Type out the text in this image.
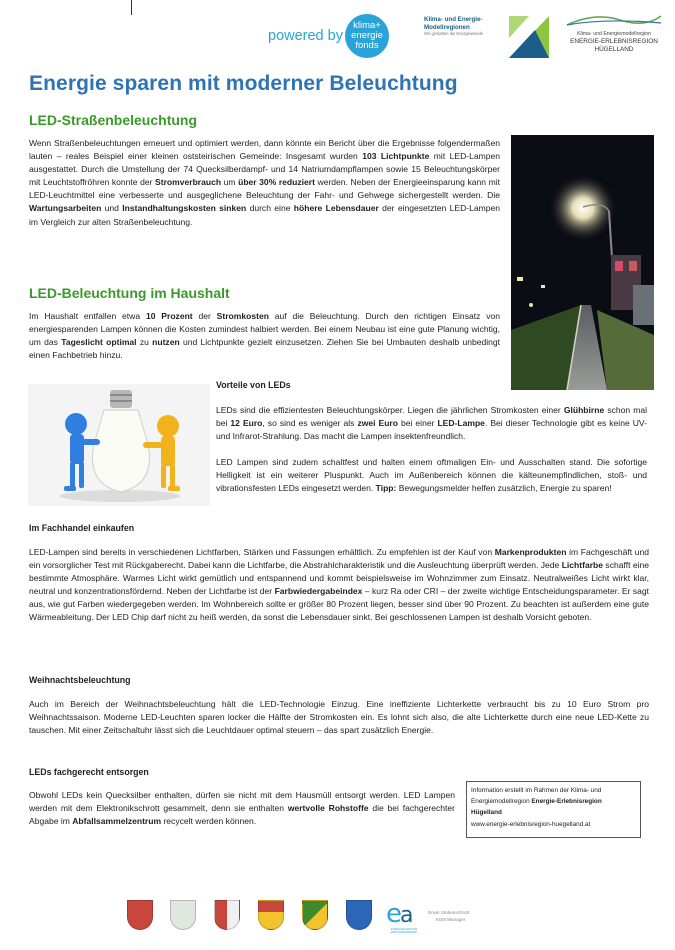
powered by
klima+
energie
fonds
Klima- und Energie-Modellregionen
Wir gestalten die Energiewende	Klima- und Energiemodellregion
ENERGIE-ERLEBNISREGION HÜGELLAND
Energie sparen mit moderner Beleuchtung
LED-Straßenbeleuchtung

Wenn Straßenbeleuchtungen erneuert und optimiert werden, dann könnte ein Bericht über die Ergebnisse folgendermaßen lauten – reales Beispiel einer kleinen oststeirischen Gemeinde: Insgesamt wurden 103 Lichtpunkte mit LED-Lampen ausgestattet. Durch die Umstellung der 74 Quecksilberdampf- und 14 Natriumdampflampen sowie 15 Beleuchtungskörper mit Leuchtstoffröhren konnte der Stromverbrauch um über 30% reduziert werden. Neben der Energieeinsparung kann mit LED-Leuchtmittel eine verbesserte und ausgeglichene Beleuchtung der Fahr- und Gehwege sichergestellt werden. Die Wartungsarbeiten und Instandhaltungskosten sinken durch eine höhere Lebensdauer der eingesetzten LED-Lampen im Vergleich zur alten Straßenbeleuchtung.

LED-Beleuchtung im Haushalt

Im Haushalt entfallen etwa 10 Prozent der Stromkosten auf die Beleuchtung. Durch den richtigen Einsatz von energiesparenden Lampen können die Kosten zumindest halbiert werden. Bei einem Neubau ist eine gute Planung wichtig, um das Tageslicht optimal zu nutzen und Lichtpunkte gezielt einzusetzen. Ziehen Sie bei Umbauten deshalb unbedingt einen Fachbetrieb hinzu.

Vorteile von LEDs

LEDs sind die effizientesten Beleuchtungskörper. Liegen die jährlichen Stromkosten einer Glühbirne schon mal bei 12 Euro, so sind es weniger als zwei Euro bei einer LED-Lampe. Bei dieser Technologie gibt es keine UV- und Infrarot-Strahlung. Das macht die Lampen insektenfreundlich.

LED Lampen sind zudem schaltfest und halten einem oftmaligen Ein- und Ausschalten stand. Die sofortige Helligkeit ist ein weiterer Pluspunkt. Auch im Außenbereich können die kälteunempfindlichen, stoß- und vibrationsfesten LEDs eingesetzt werden. Tipp: Bewegungsmelder helfen zusätzlich, Energie zu sparen!

Im Fachhandel einkaufen

LED-Lampen sind bereits in verschiedenen Lichtfarben, Stärken und Fassungen erhältlich. Zu empfehlen ist der Kauf von Markenprodukten im Fachgeschäft und ein vorsorglicher Test mit Rückgaberecht. Dabei kann die Lichtfarbe, die Abstrahlcharakteristik und die Ausleuchtung überprüft werden. Jede Lichtfarbe schafft eine bestimmte Atmosphäre. Warmes Licht wirkt gemütlich und entspannend und kommt beispielsweise im Wohnzimmer zum Einsatz. Neutralweißes Licht wirkt klar, neutral und konzentrationsfördernd. Neben der Lichtfarbe ist der Farbwiedergabeindex – kurz Ra oder CRI – der zweite wichtige Entscheidungsparameter. Er sagt aus, wie gut Farben wiedergegeben werden. Im Wohnbereich sollte er größer 80 Prozent liegen, besser sind über 90 Prozent. Zu beachten ist außerdem eine gute Wärmeableitung. Der LED Chip darf nicht zu heiß werden, da sonst die Lebensdauer sinkt. Bei geschlossenen Lampen ist deshalb Vorsicht geboten.

Weihnachtsbeleuchtung

Auch im Bereich der Weihnachtsbeleuchtung hält die LED-Technologie Einzug. Eine ineffiziente Lichterkette verbraucht bis zu 10 Euro Strom pro Weihnachtssaison. Moderne LED-Leuchten sparen locker die Hälfte der Stromkosten ein. Es lohnt sich also, die alte Lichterkette durch eine neue LED-Kette zu tauschen. Mit einer Zeitschaltuhr lässt sich die Leuchtdauer optimal steuern – das spart zusätzlich Energie.

LEDs fachgerecht entsorgen

Obwohl LEDs kein Quecksilber enthalten, dürfen sie nicht mit dem Hausmüll entsorgt werden. LED Lampen werden mit dem Elektronikschrott gesammelt, denn sie enthalten wertvolle Rohstoffe die bei fachgerechter Abgabe im Abfallsammelzentrum recycelt werden können.

Information erstellt im Rahmen der Klima- und
Energiemodellregion Energie-Erlebnisregion
Hügelland
www.energie-erlebnisregion-huegelland.at
e
a
ENERGIEAGENTUR WESTSTEIERMARK
Erwin Stubenschrott
KEM Manager
